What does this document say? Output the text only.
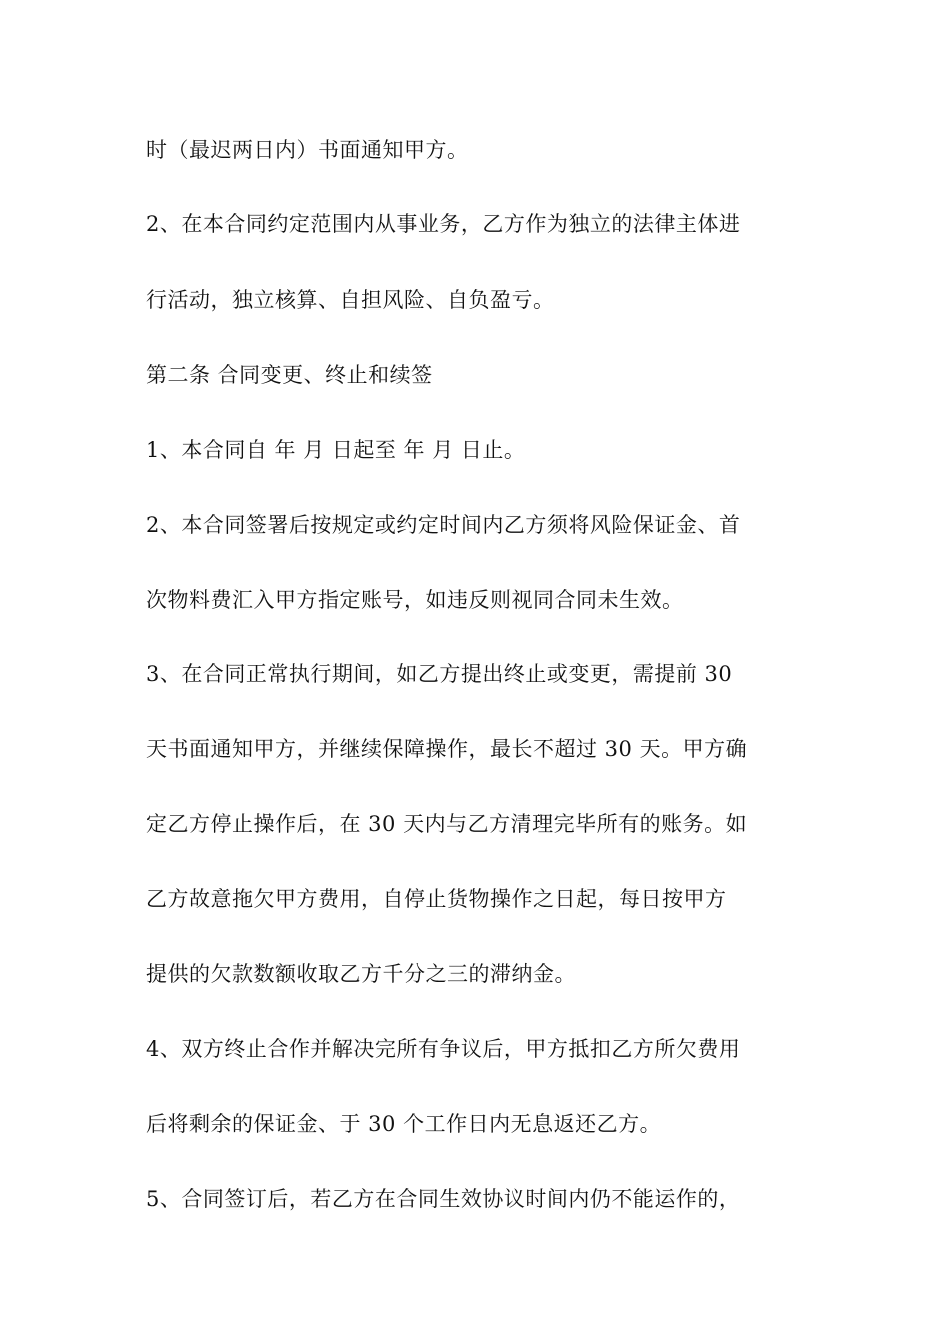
时（最迟两日内）书面通知甲方。
2、在本合同约定范围内从事业务，乙方作为独立的法律主体进
行活动，独立核算、自担风险、自负盈亏。
第二条 合同变更、终止和续签
1、本合同自 年 月 日起至 年 月 日止。
2、本合同签署后按规定或约定时间内乙方须将风险保证金、首
次物料费汇入甲方指定账号，如违反则视同合同未生效。
3、在合同正常执行期间，如乙方提出终止或变更，需提前 30
天书面通知甲方，并继续保障操作，最长不超过 30 天。甲方确
定乙方停止操作后，在 30 天内与乙方清理完毕所有的账务。如
乙方故意拖欠甲方费用，自停止货物操作之日起，每日按甲方
提供的欠款数额收取乙方千分之三的滞纳金。
4、双方终止合作并解决完所有争议后，甲方抵扣乙方所欠费用
后将剩余的保证金、于 30 个工作日内无息返还乙方。
5、合同签订后，若乙方在合同生效协议时间内仍不能运作的，
